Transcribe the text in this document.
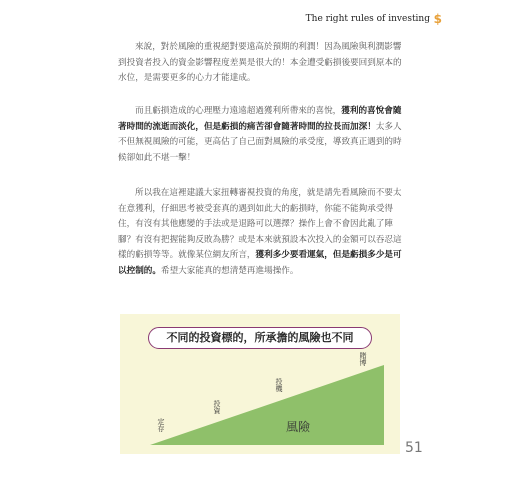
The right rules of investing $

來說，對於風險的重視絕對要遠高於預期的利潤！因為風險與利潤影響到投資者投入的資金影響程度差異是很大的！本金遭受虧損後要回到原本的水位，是需要更多的心力才能達成。

而且虧損造成的心理壓力遠遠超過獲利所帶來的喜悅，獲利的喜悅會隨著時間的流逝而淡化，但是虧損的痛苦卻會隨著時間的拉長而加深！太多人不但無視風險的可能，更高估了自己面對風險的承受度，導致真正遇到的時候卻如此不堪一擊！

所以我在這裡建議大家扭轉審視投資的角度，就是請先看風險而不要太在意獲利，仔細思考被受套真的遇到如此大的虧損時，你能不能夠承受得住，有沒有其他應變的手法或是退路可以選擇？操作上會不會因此亂了陣腳？有沒有把握能夠反敗為勝？或是本來就預設本次投入的金額可以吞忍這樣的虧損等等。就像某位網友所言，獲利多少要看運氣，但是虧損多少是可以控制的。希望大家能真的想清楚再進場操作。

不同的投資標的，所承擔的風險也不同
定存
投資
投機
賭博
風險
51
